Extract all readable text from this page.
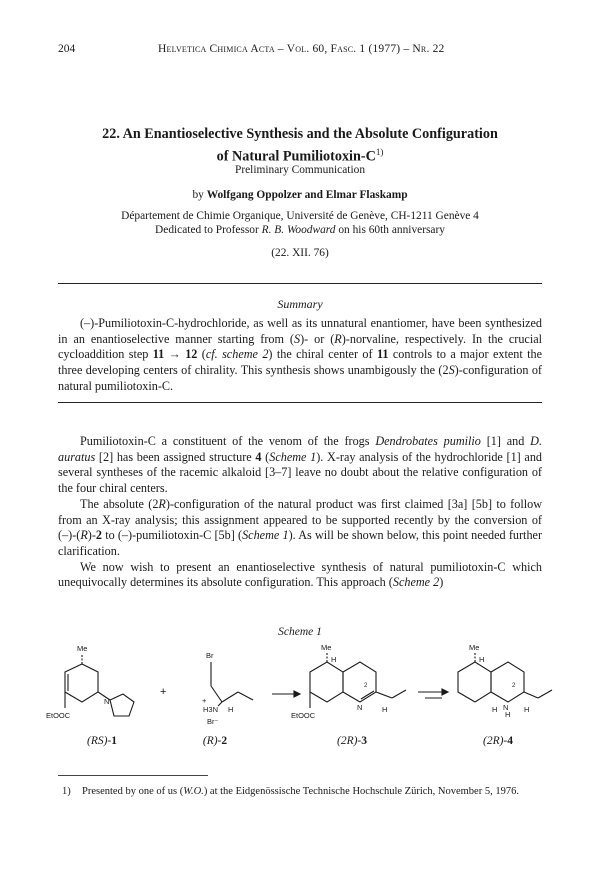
204	Helvetica Chimica Acta – Vol. 60, Fasc. 1 (1977) – Nr. 22
22. An Enantioselective Synthesis and the Absolute Configuration
of Natural Pumiliotoxin-$C^{1)}$
Preliminary Communication
by Wolfgang Oppolzer and Elmar Flaskamp
Département de Chimie Organique, Université de Genève, CH-1211 Genève 4
Dedicated to Professor R. B. Woodward on his 60th anniversary
(22. XII. 76)
Summary

(–)-Pumiliotoxin-C-hydrochloride, as well as its unnatural enantiomer, have been synthesized in an enantioselective manner starting from (S)- or (R)-norvaline, respectively. In the crucial cycloaddition step 11 → 12 (cf. scheme 2) the chiral center of 11 controls to a major extent the three developing centers of chirality. This synthesis shows unambigously the (2S)-configuration of natural pumiliotoxin-C.

Pumiliotoxin-C a constituent of the venom of the frogs Dendrobates pumilio [1] and D. auratus [2] has been assigned structure 4 (Scheme 1). X-ray analysis of the hydrochloride [1] and several syntheses of the racemic alkaloid [3–7] leave no doubt about the relative configuration of the four chiral centers.

The absolute (2R)-configuration of the natural product was first claimed [3a] [5b] to follow from an X-ray analysis; this assignment appeared to be supported recently by the conversion of (–)-(R)-2 to (–)-pumiliotoxin-C [5b] (Scheme 1). As will be shown below, this point needed further clarification.

We now wish to present an enantioselective synthesis of natural pumiliotoxin-C which unequivocally determines its absolute configuration. This approach (Scheme 2)

Scheme 1
Me
EtOOC
N
+
Br
+
H3N H
Br⁻
Me
H
2
N	H
EtOOC
Me
H
2
N
H
H
H
(RS)-1	(R)-2	(2R)-3	(2R)-4
1) Presented by one of us (W.O.) at the Eidgenössische Technische Hochschule Zürich, November 5, 1976.
